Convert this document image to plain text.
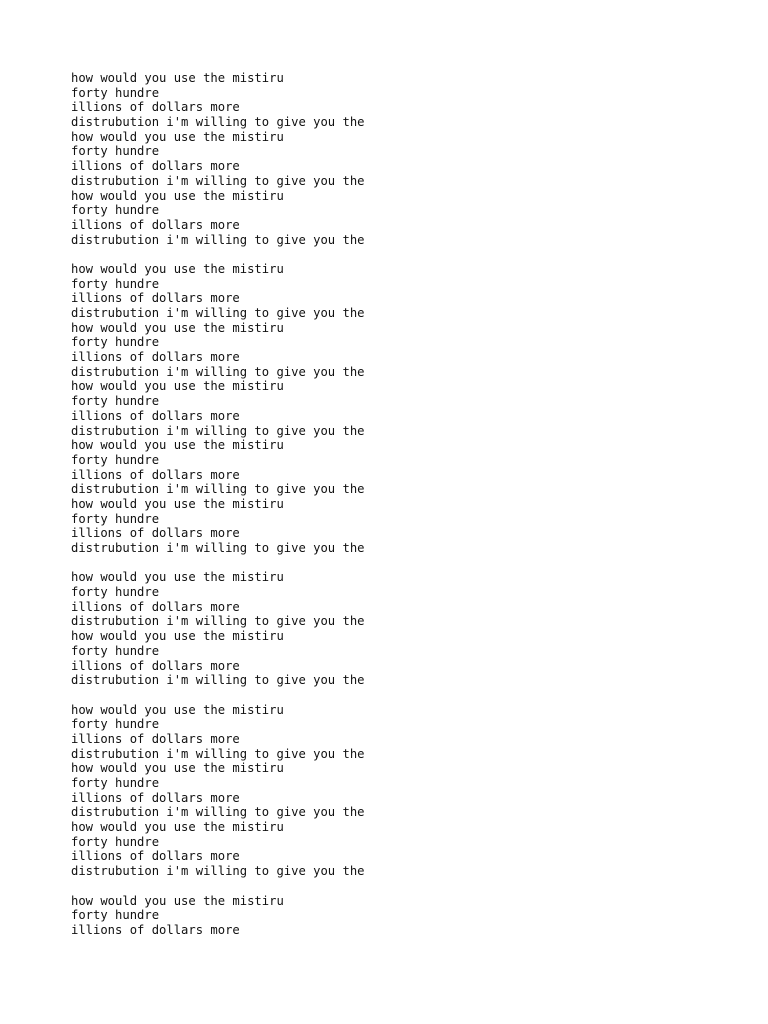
how would you use the mistiru
forty hundre
illions of dollars more
distrubution i'm willing to give you the
how would you use the mistiru
forty hundre
illions of dollars more
distrubution i'm willing to give you the
how would you use the mistiru
forty hundre
illions of dollars more
distrubution i'm willing to give you the
how would you use the mistiru
forty hundre
illions of dollars more
distrubution i'm willing to give you the
how would you use the mistiru
forty hundre
illions of dollars more
distrubution i'm willing to give you the
how would you use the mistiru
forty hundre
illions of dollars more
distrubution i'm willing to give you the
how would you use the mistiru
forty hundre
illions of dollars more
distrubution i'm willing to give you the
how would you use the mistiru
forty hundre
illions of dollars more
distrubution i'm willing to give you the
how would you use the mistiru
forty hundre
illions of dollars more
distrubution i'm willing to give you the
how would you use the mistiru
forty hundre
illions of dollars more
distrubution i'm willing to give you the
how would you use the mistiru
forty hundre
illions of dollars more
distrubution i'm willing to give you the
how would you use the mistiru
forty hundre
illions of dollars more
distrubution i'm willing to give you the
how would you use the mistiru
forty hundre
illions of dollars more
distrubution i'm willing to give you the
how would you use the mistiru
forty hundre
illions of dollars more
